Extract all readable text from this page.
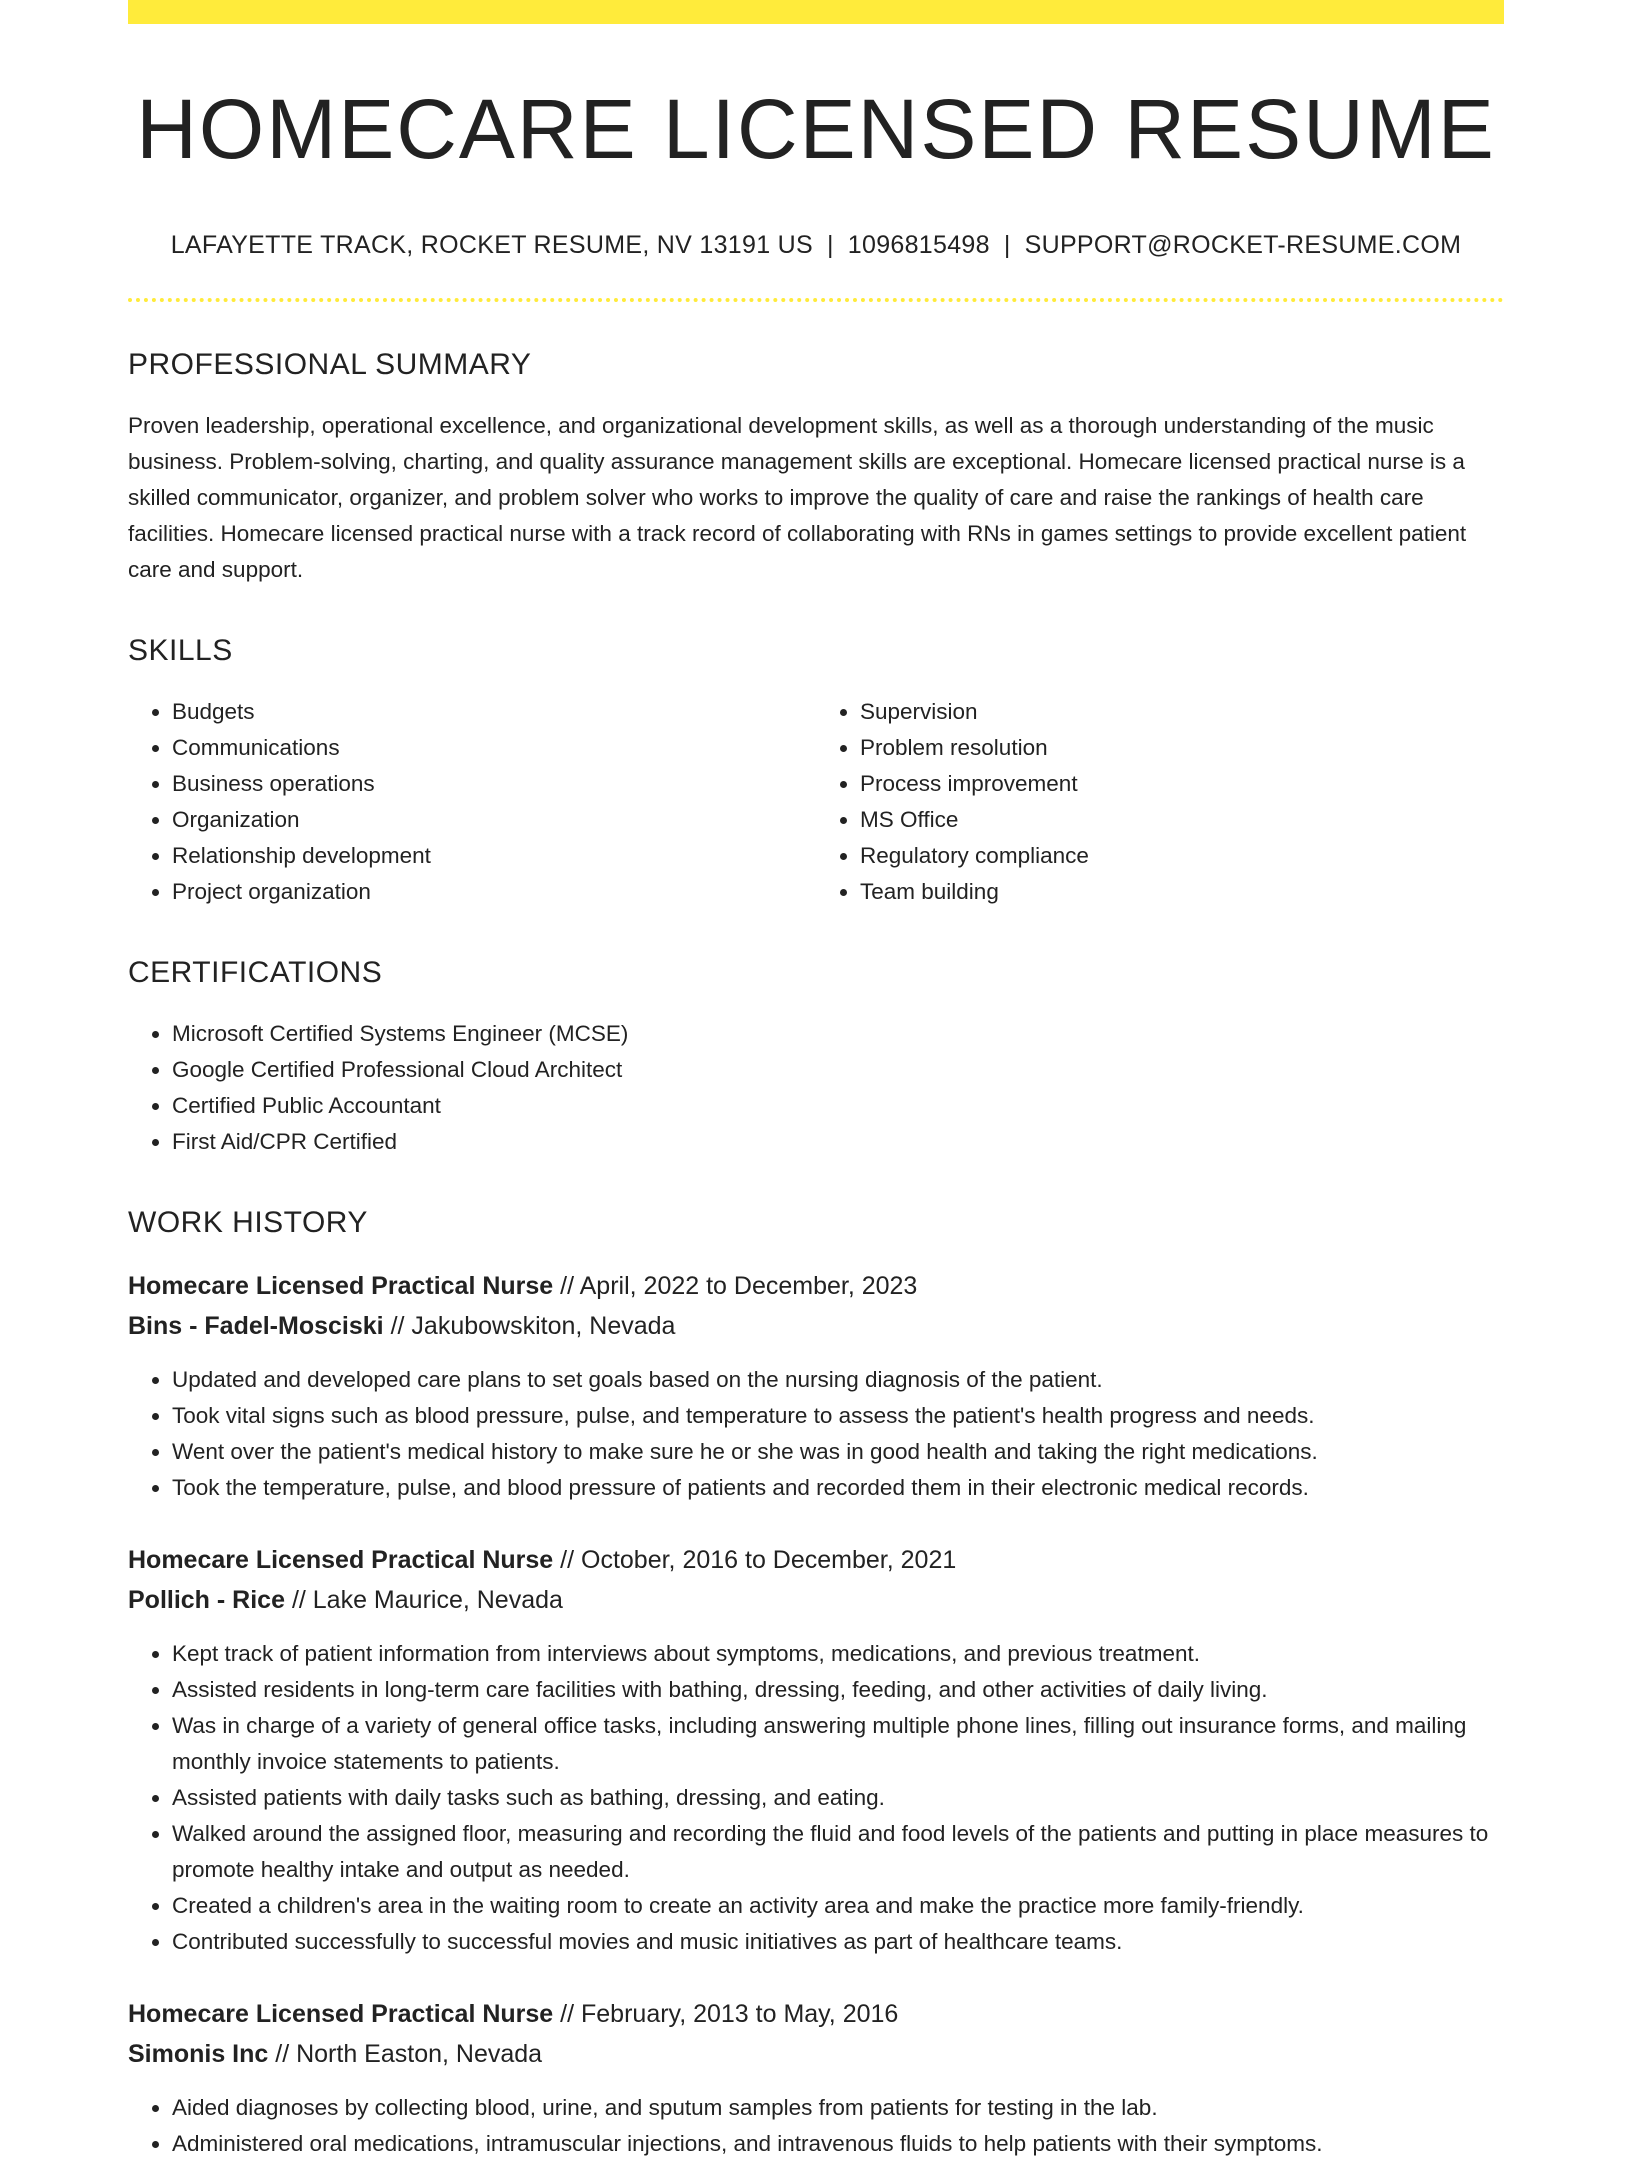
HOMECARE LICENSED RESUME
LAFAYETTE TRACK, ROCKET RESUME, NV 13191 US | 1096815498 | SUPPORT@ROCKET-RESUME.COM
PROFESSIONAL SUMMARY

Proven leadership, operational excellence, and organizational development skills, as well as a thorough understanding of the music business. Problem-solving, charting, and quality assurance management skills are exceptional. Homecare licensed practical nurse is a skilled communicator, organizer, and problem solver who works to improve the quality of care and raise the rankings of health care facilities. Homecare licensed practical nurse with a track record of collaborating with RNs in games settings to provide excellent patient care and support.

SKILLS
• Budgets
• Communications
• Business operations
• Organization
• Relationship development
• Project organization
• Supervision
• Problem resolution
• Process improvement
• MS Office
• Regulatory compliance
• Team building
CERTIFICATIONS
• Microsoft Certified Systems Engineer (MCSE)
• Google Certified Professional Cloud Architect
• Certified Public Accountant
• First Aid/CPR Certified
WORK HISTORY

Homecare Licensed Practical Nurse // April, 2022 to December, 2023

Bins - Fadel-Mosciski // Jakubowskiton, Nevada

• Updated and developed care plans to set goals based on the nursing diagnosis of the patient.
• Took vital signs such as blood pressure, pulse, and temperature to assess the patient's health progress and needs.
• Went over the patient's medical history to make sure he or she was in good health and taking the right medications.
• Took the temperature, pulse, and blood pressure of patients and recorded them in their electronic medical records.

Homecare Licensed Practical Nurse // October, 2016 to December, 2021

Pollich - Rice // Lake Maurice, Nevada

• Kept track of patient information from interviews about symptoms, medications, and previous treatment.
• Assisted residents in long-term care facilities with bathing, dressing, feeding, and other activities of daily living.
• Was in charge of a variety of general office tasks, including answering multiple phone lines, filling out insurance forms, and mailing monthly invoice statements to patients.
• Assisted patients with daily tasks such as bathing, dressing, and eating.
• Walked around the assigned floor, measuring and recording the fluid and food levels of the patients and putting in place measures to promote healthy intake and output as needed.
• Created a children's area in the waiting room to create an activity area and make the practice more family-friendly.
• Contributed successfully to successful movies and music initiatives as part of healthcare teams.

Homecare Licensed Practical Nurse // February, 2013 to May, 2016

Simonis Inc // North Easton, Nevada

• Aided diagnoses by collecting blood, urine, and sputum samples from patients for testing in the lab.
• Administered oral medications, intramuscular injections, and intravenous fluids to help patients with their symptoms.
